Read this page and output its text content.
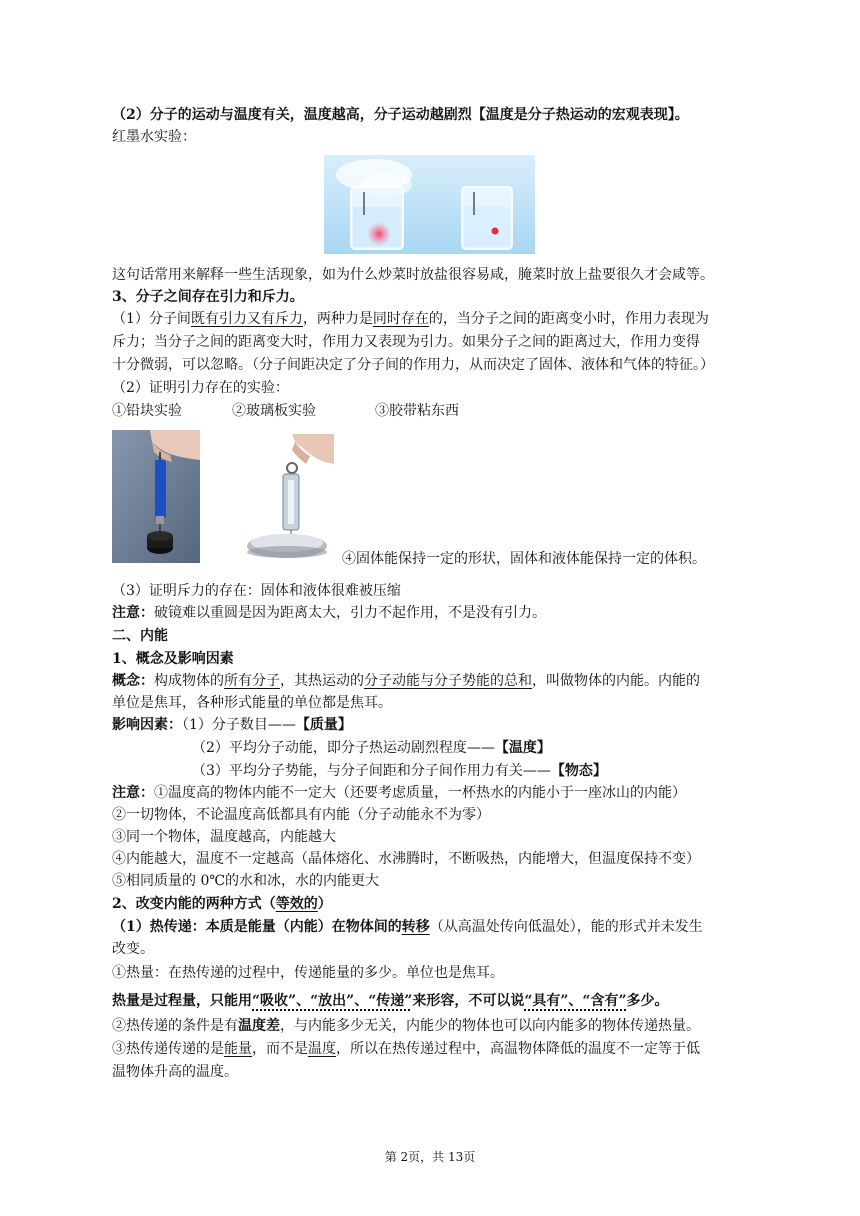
（2）分子的运动与温度有关，温度越高，分子运动越剧烈【温度是分子热运动的宏观表现】。
红墨水实验：
这句话常用来解释一些生活现象，如为什么炒菜时放盐很容易咸，腌菜时放上盐要很久才会咸等。
3、分子之间存在引力和斥力。
（1）分子间既有引力又有斥力，两种力是同时存在的，当分子之间的距离变小时，作用力表现为
斥力；当分子之间的距离变大时，作用力又表现为引力。如果分子之间的距离过大，作用力变得
十分微弱，可以忽略。（分子间距决定了分子间的作用力，从而决定了固体、液体和气体的特征。）
（2）证明引力存在的实验：
①铅块实验	②玻璃板实验	③胶带粘东西
④固体能保持一定的形状，固体和液体能保持一定的体积。
（3）证明斥力的存在：固体和液体很难被压缩
注意：破镜难以重圆是因为距离太大，引力不起作用，不是没有引力。
二、内能
1、概念及影响因素
概念：构成物体的所有分子，其热运动的分子动能与分子势能的总和，叫做物体的内能。内能的
单位是焦耳，各种形式能量的单位都是焦耳。
影响因素：（1）分子数目——【质量】
（2）平均分子动能，即分子热运动剧烈程度——【温度】
（3）平均分子势能，与分子间距和分子间作用力有关——【物态】
注意：①温度高的物体内能不一定大（还要考虑质量，一杯热水的内能小于一座冰山的内能）
②一切物体，不论温度高低都具有内能（分子动能永不为零）
③同一个物体，温度越高，内能越大
④内能越大，温度不一定越高（晶体熔化、水沸腾时，不断吸热，内能增大，但温度保持不变）
⑤相同质量的 0℃的水和冰，水的内能更大
2、改变内能的两种方式（等效的）
（1）热传递：本质是能量（内能）在物体间的转移（从高温处传向低温处），能的形式并未发生
改变。
①热量：在热传递的过程中，传递能量的多少。单位也是焦耳。
热量是过程量，只能用“吸收”、“放出”、“传递”来形容，不可以说“具有”、“含有”多少。
②热传递的条件是有温度差，与内能多少无关，内能少的物体也可以向内能多的物体传递热量。
③热传递传递的是能量，而不是温度，所以在热传递过程中，高温物体降低的温度不一定等于低
温物体升高的温度。
第 2页，共 13页
